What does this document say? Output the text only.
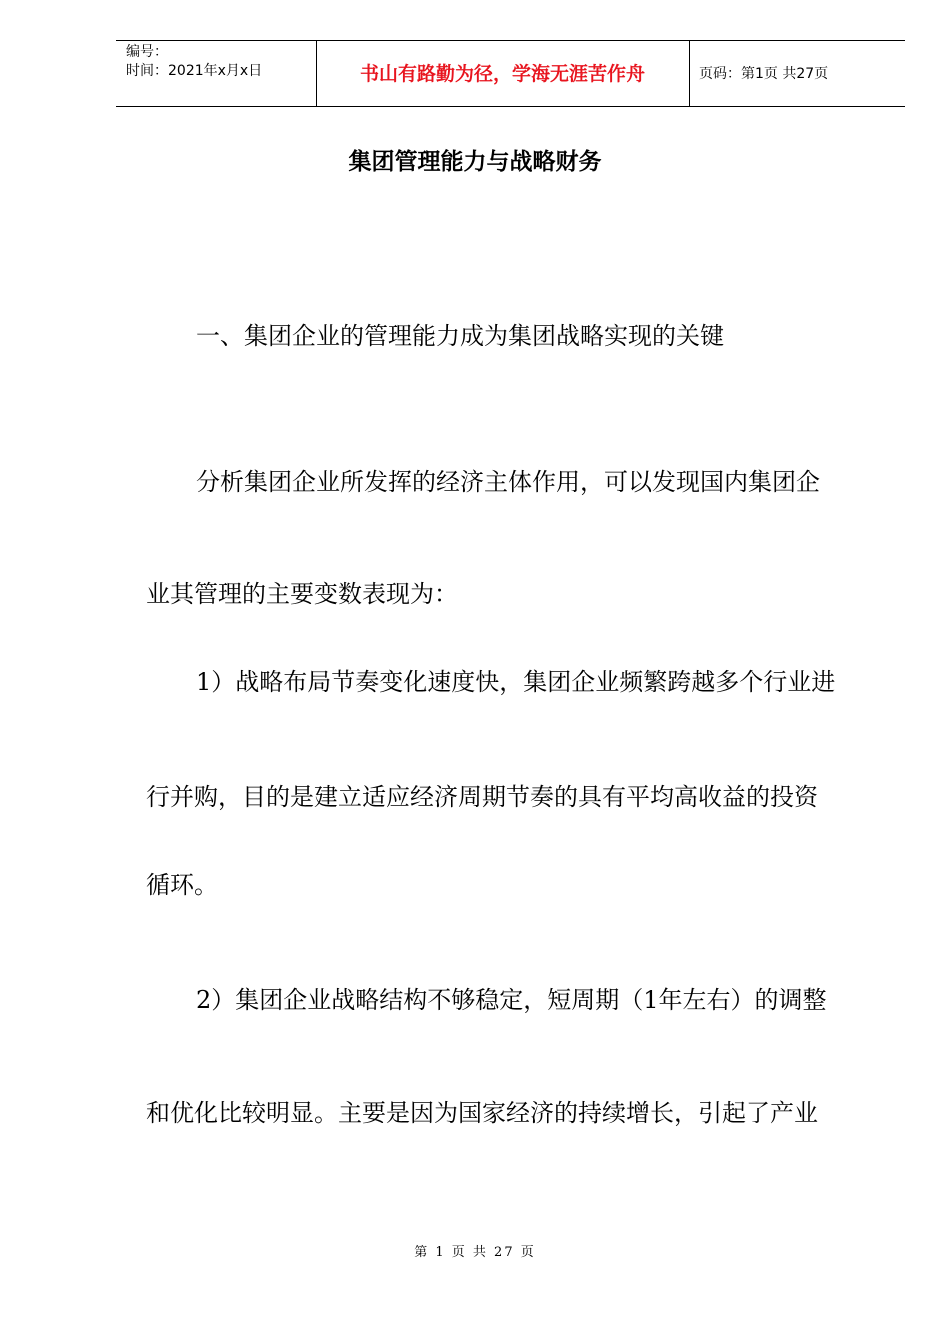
编号：
时间：2021年x月x日	书山有路勤为径，学海无涯苦作舟	页码：第1页 共27页
集团管理能力与战略财务
一、集团企业的管理能力成为集团战略实现的关键
分析集团企业所发挥的经济主体作用，可以发现国内集团企
业其管理的主要变数表现为：
1）战略布局节奏变化速度快，集团企业频繁跨越多个行业进
行并购，目的是建立适应经济周期节奏的具有平均高收益的投资
循环。
2）集团企业战略结构不够稳定，短周期（1年左右）的调整
和优化比较明显。主要是因为国家经济的持续增长，引起了产业
第 1 页 共 27 页
